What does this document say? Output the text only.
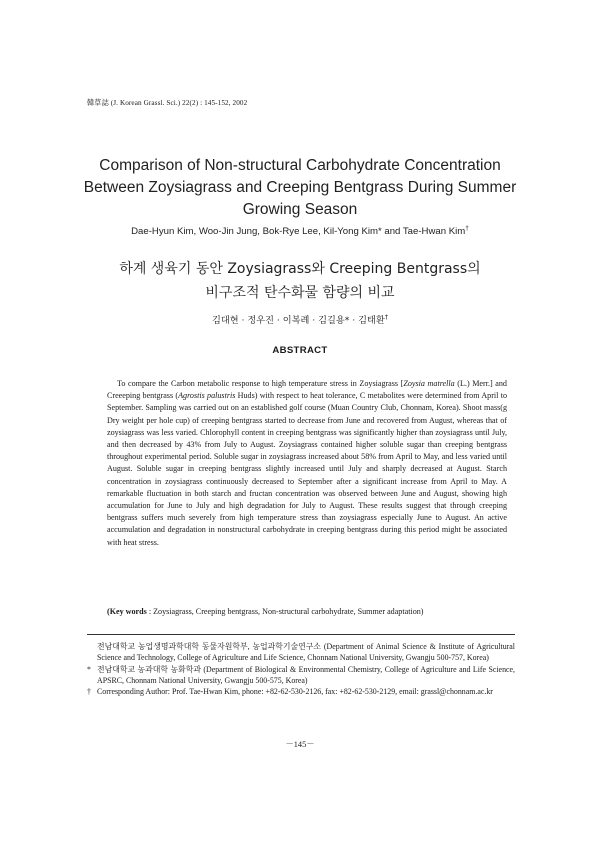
韓草誌 (J. Korean Grassl. Sci.) 22(2) : 145-152, 2002
Comparison of Non-structural Carbohydrate Concentration
Between Zoysiagrass and Creeping Bentgrass During Summer
Growing Season
Dae-Hyun Kim, Woo-Jin Jung, Bok-Rye Lee, Kil-Yong Kim* and Tae-Hwan Kim†
하계 생육기 동안 Zoysiagrass와 Creeping Bentgrass의
비구조적 탄수화물 함량의 비교
김대현 · 정우진 · 이복례 · 김길용* · 김태환†
ABSTRACT

To compare the Carbon metabolic response to high temperature stress in Zoysiagrass [Zoysia matrella (L.) Merr.] and Creeeping bentgrass (Agrostis palustris Huds) with respect to heat tolerance, C metabolites were determined from April to September. Sampling was carried out on an established golf course (Muan Country Club, Chonnam, Korea). Shoot mass(g Dry weight per hole cup) of creeping bentgrass started to decrease from June and recovered from August, whereas that of zoysiagrass was less varied. Chlorophyll content in creeping bentgrass was significantly higher than zoysiagrass until July, and then decreased by 43% from July to August. Zoysiagrass contained higher soluble sugar than creeping bentgrass throughout experimental period. Soluble sugar in zoysiagrass increased about 58% from April to May, and less varied until August. Soluble sugar in creeping bentgrass slightly increased until July and sharply decreased at August. Starch concentration in zoysiagrass continuously decreased to September after a significant increase from April to May. A remarkable fluctuation in both starch and fructan concentration was observed between June and August, showing high accumulation for June to July and high degradation for July to August. These results suggest that through creeping bentgrass suffers much severely from high temperature stress than zoysiagrass especially June to August. An active accumulation and degradation in nonstructural carbohydrate in creeping bentgrass during this period might be associated with heat stress.

(Key words : Zoysiagrass, Creeping bentgrass, Non-structural carbohydrate, Summer adaptation)

전남대학교 농업생명과학대학 동물자원학부, 농업과학기술연구소 (Department of Animal Science & Institute of Agricultural Science and Technology, College of Agriculture and Life Science, Chonnam National University, Gwangju 500-757, Korea)
* 전남대학교 농과대학 농화학과 (Department of Biological & Environmental Chemistry, College of Agriculture and Life Science, APSRC, Chonnam National University, Gwangju 500-575, Korea)
† Corresponding Author: Prof. Tae-Hwan Kim, phone: +82-62-530-2126, fax: +82-62-530-2129, email: grassl@chonnam.ac.kr
－145－
